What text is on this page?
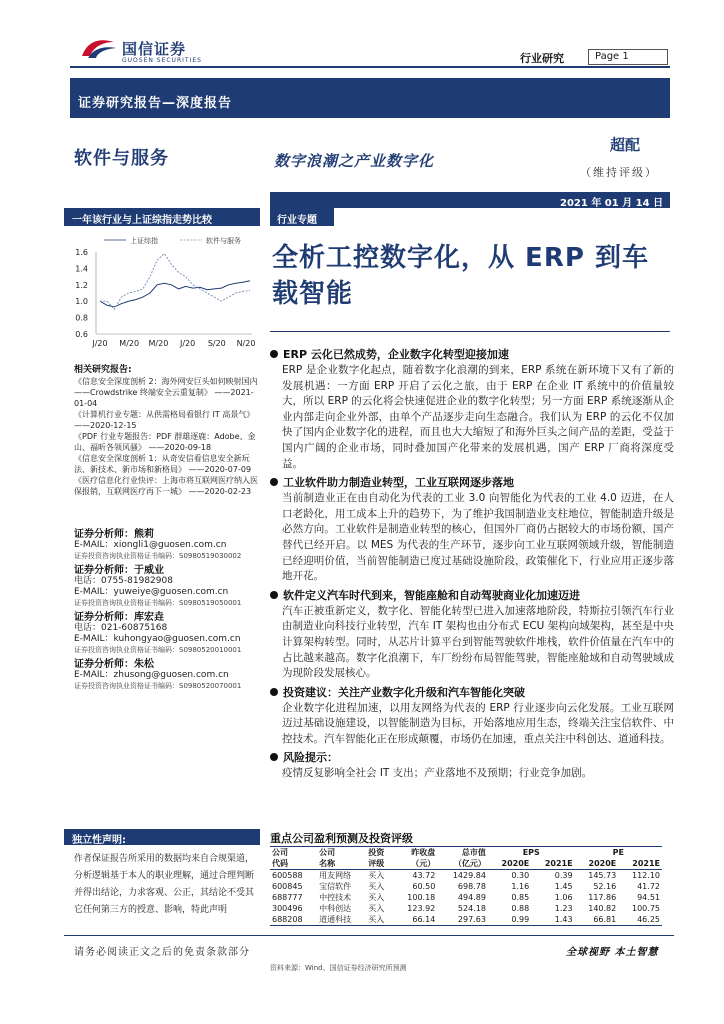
国信证券
GUOSEN SECURITIES	行业研究	Page 1
证券研究报告—深度报告
软件与服务	数字浪潮之产业数字化
超配
（维持评级）
2021 年 01 月 14 日
一年该行业与上证综指走势比较	行业专题
全析工控数字化，从 ERP 到车载智能
上证综指	软件与服务
1.6
1.4
1.2
1.0
0.8
0.6
J/20 M/20 M/20 J/20 S/20 N/20
相关研究报告:
《信息安全深度剖析 2：海外网安巨头如何映射国内——Crowdstrike 终端安全云重复制》 ——2021-01-04
《计算机行业专题：从供需格局看银行 IT 高景气》 ——2020-12-15
《PDF 行业专题报告：PDF 群雄逐鹿：Adobe、金山、福昕各领风骚》 ——2020-09-18
《信息安全深度剖析 1：从奇安信看信息安全新玩法、新技术、新市场和新格局》 ——2020-07-09
《医疗信息化行业快评：上海市将互联网医疗纳入医保报销，互联网医疗再下一城》 ——2020-02-23
证券分析师：熊莉
E-MAIL：xiongli1@guosen.com.cn
证券投资咨询执业资格证书编码：S0980519030002
证券分析师：于威业
电话：0755-81982908
E-MAIL：yuweiye@guosen.com.cn
证券投资咨询执业资格证书编码：S0980519050001
证券分析师：库宏垚
电话：021-60875168
E-MAIL：kuhongyao@guosen.com.cn
证券投资咨询执业资格证书编码：S0980520010001
证券分析师：朱松
E-MAIL：zhusong@guosen.com.cn
证券投资咨询执业资格证书编码：S0980520070001
ERP 云化已然成势，企业数字化转型迎接加速
ERP 是企业数字化起点，随着数字化浪潮的到来，ERP 系统在新环境下又有了新的发展机遇：一方面 ERP 开启了云化之旅，由于 ERP 在企业 IT 系统中的价值量较大，所以 ERP 的云化将会快速促进企业的数字化转型；另一方面 ERP 系统逐渐从企业内部走向企业外部，由单个产品逐步走向生态融合。我们认为 ERP 的云化不仅加快了国内企业数字化的进程，而且也大大缩短了和海外巨头之间产品的差距，受益于国内广阔的企业市场，同时叠加国产化带来的发展机遇，国产 ERP 厂商将深度受益。
工业软件助力制造业转型，工业互联网逐步落地
当前制造业正在由自动化为代表的工业 3.0 向智能化为代表的工业 4.0 迈进，在人口老龄化，用工成本上升的趋势下，为了维护我国制造业支柱地位，智能制造升级是必然方向。工业软件是制造业转型的核心，但国外厂商仍占据较大的市场份额，国产替代已经开启。以 MES 为代表的生产环节，逐步向工业互联网领域升级，智能制造已经迎明价值，当前智能制造已度过基础设施阶段，政策催化下，行业应用正逐步落地开花。
软件定义汽车时代到来，智能座舱和自动驾驶商业化加速迈进
汽车正被重新定义，数字化、智能化转型已进入加速落地阶段，特斯拉引领汽车行业由制造业向科技行业转型，汽车 IT 架构也由分布式 ECU 架构向域架构，甚至是中央计算架构转型。同时，从芯片计算平台到智能驾驶软件堆栈，软件价值量在汽车中的占比越来越高。数字化浪潮下，车厂纷纷布局智能驾驶，智能座舱域和自动驾驶域成为现阶段发展核心。
投资建议：关注产业数字化升级和汽车智能化突破
企业数字化进程加速，以用友网络为代表的 ERP 行业逐步向云化发展。工业互联网迈过基础设施建设，以智能制造为目标，开始落地应用生态，终端关注宝信软件、中控技术。汽车智能化正在形成颠覆，市场仍在加速，重点关注中科创达、道通科技。
风险提示：
疫情反复影响全社会 IT 支出；产业落地不及预期；行业竞争加剧。
独立性声明:
作者保证报告所采用的数据均来自合规渠道，分析逻辑基于本人的职业理解，通过合理判断并得出结论，力求客观、公正，其结论不受其它任何第三方的授意、影响，特此声明
重点公司盈利预测及投资评级
公司	公司	投资	昨收盘	总市值	EPS		PE	
代码	名称	评级	（元）	（亿元）	2020E	2021E	2020E	2021E
600588	用友网络	买入	43.72	1429.84	0.30	0.39	145.73	112.10
600845	宝信软件	买入	60.50	698.78	1.16	1.45	52.16	41.72
688777	中控技术	买入	100.18	494.89	0.85	1.06	117.86	94.51
300496	中科创达	买入	123.92	524.18	0.88	1.23	140.82	100.75
688208	道通科技	买入	66.14	297.63	0.99	1.43	66.81	46.25
资料来源：Wind、国信证券经济研究所预测
请务必阅读正文之后的免责条款部分	全球视野 本土智慧
